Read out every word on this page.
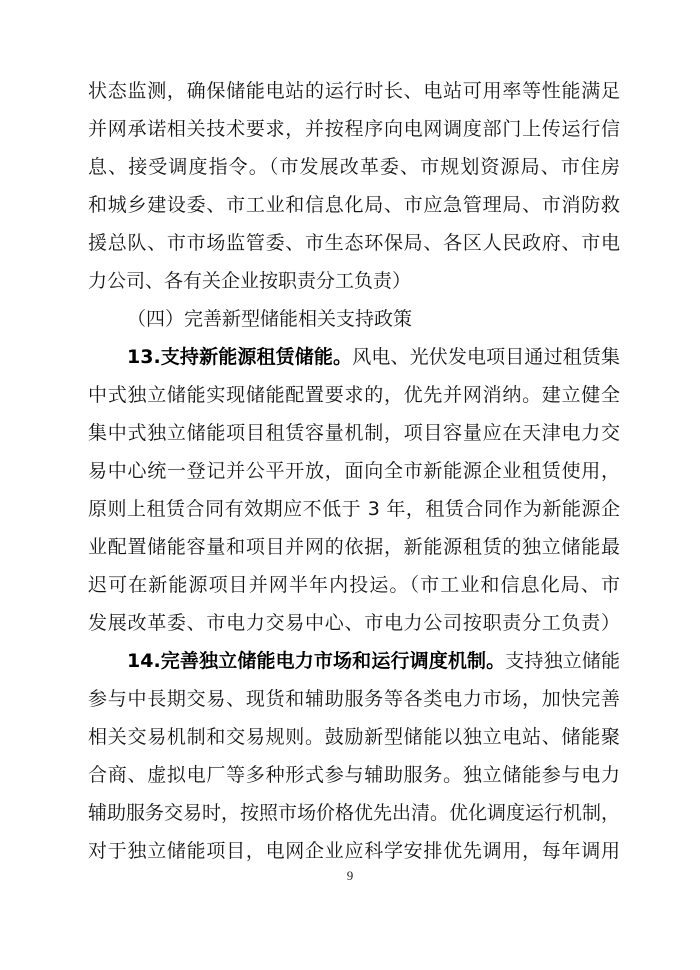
状态监测，确保储能电站的运行时长、电站可用率等性能满足
并网承诺相关技术要求，并按程序向电网调度部门上传运行信
息、接受调度指令。（市发展改革委、市规划资源局、市住房
和城乡建设委、市工业和信息化局、市应急管理局、市消防救
援总队、市市场监管委、市生态环保局、各区人民政府、市电
力公司、各有关企业按职责分工负责）
（四）完善新型储能相关支持政策
13.支持新能源租赁储能。风电、光伏发电项目通过租赁集
中式独立储能实现储能配置要求的，优先并网消纳。建立健全
集中式独立储能项目租赁容量机制，项目容量应在天津电力交
易中心统一登记并公平开放，面向全市新能源企业租赁使用，
原则上租赁合同有效期应不低于 3 年，租赁合同作为新能源企
业配置储能容量和项目并网的依据，新能源租赁的独立储能最
迟可在新能源项目并网半年内投运。（市工业和信息化局、市
发展改革委、市电力交易中心、市电力公司按职责分工负责）
14.完善独立储能电力市场和运行调度机制。支持独立储能
参与中長期交易、现货和辅助服务等各类电力市场，加快完善
相关交易机制和交易规则。鼓励新型储能以独立电站、储能聚
合商、虚拟电厂等多种形式参与辅助服务。独立储能参与电力
辅助服务交易时，按照市场价格优先出清。优化调度运行机制，
对于独立储能项目，电网企业应科学安排优先调用，每年调用
9
